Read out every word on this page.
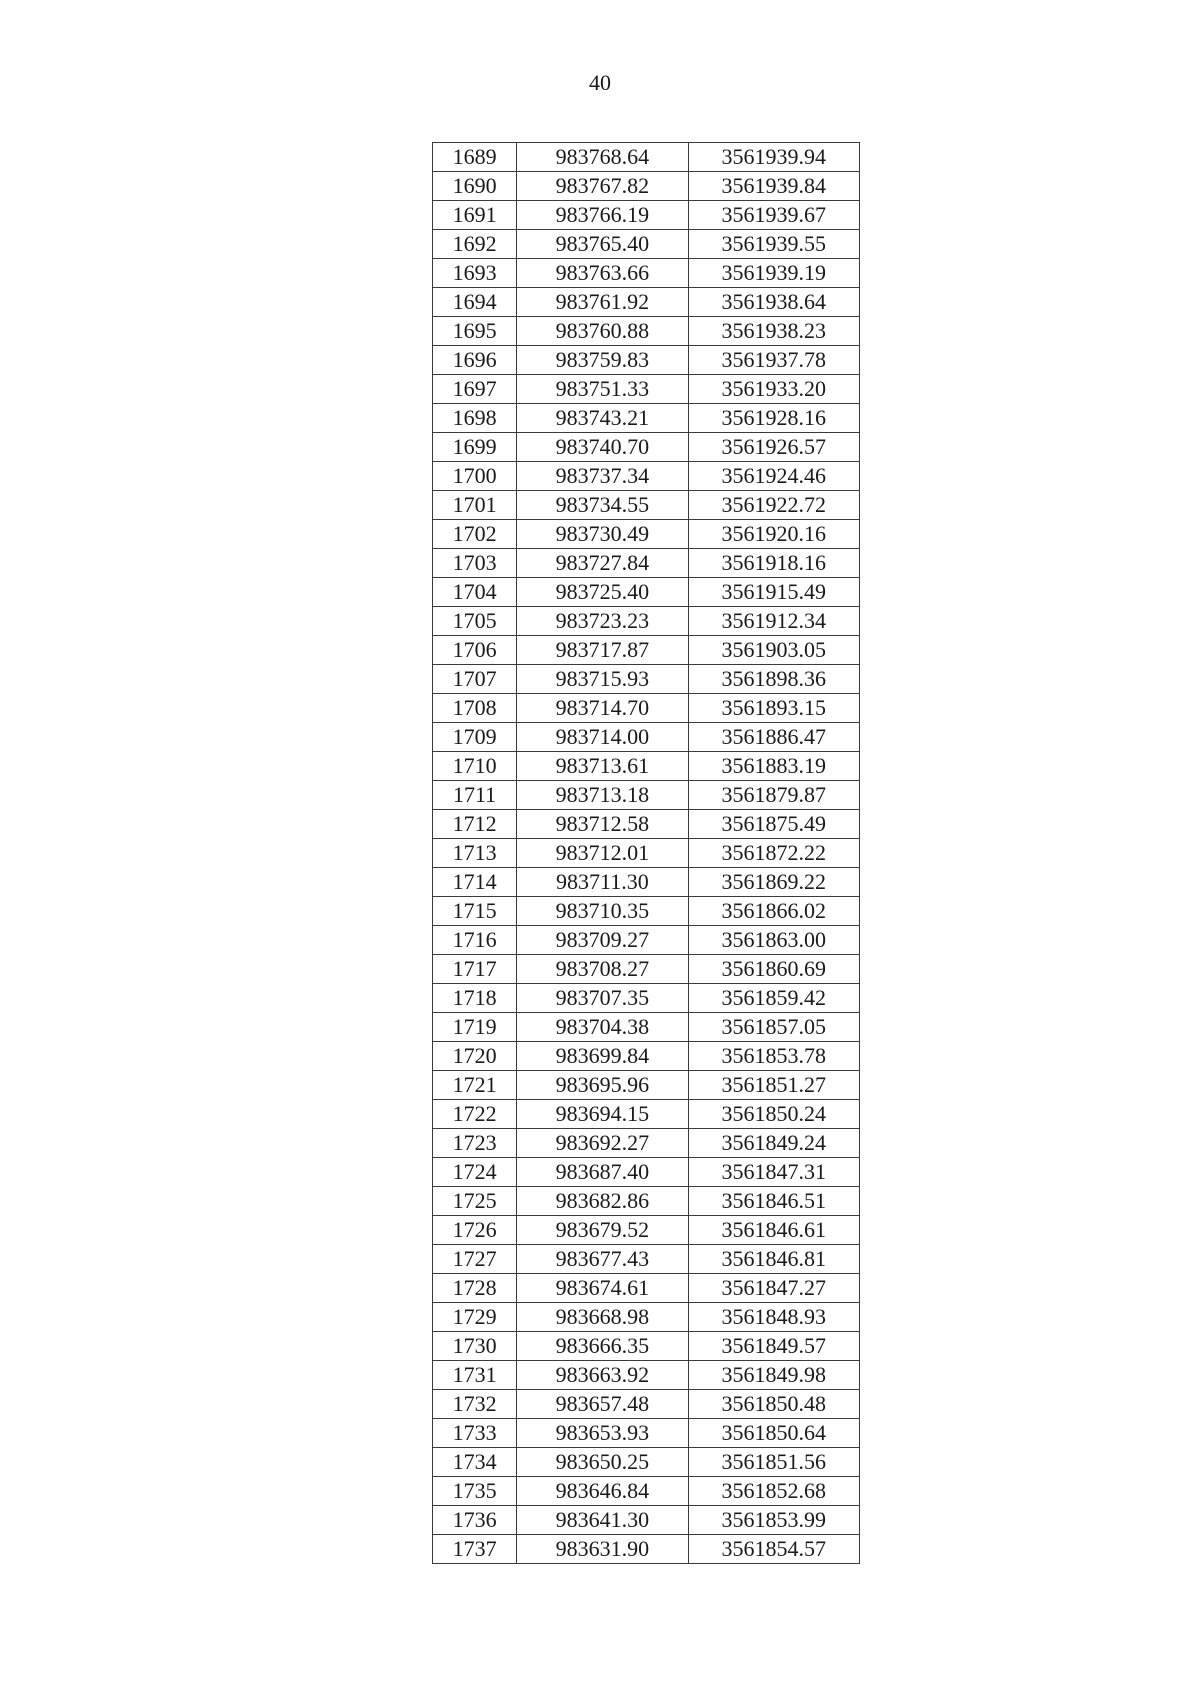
40
1689	983768.64	3561939.94
1690	983767.82	3561939.84
1691	983766.19	3561939.67
1692	983765.40	3561939.55
1693	983763.66	3561939.19
1694	983761.92	3561938.64
1695	983760.88	3561938.23
1696	983759.83	3561937.78
1697	983751.33	3561933.20
1698	983743.21	3561928.16
1699	983740.70	3561926.57
1700	983737.34	3561924.46
1701	983734.55	3561922.72
1702	983730.49	3561920.16
1703	983727.84	3561918.16
1704	983725.40	3561915.49
1705	983723.23	3561912.34
1706	983717.87	3561903.05
1707	983715.93	3561898.36
1708	983714.70	3561893.15
1709	983714.00	3561886.47
1710	983713.61	3561883.19
1711	983713.18	3561879.87
1712	983712.58	3561875.49
1713	983712.01	3561872.22
1714	983711.30	3561869.22
1715	983710.35	3561866.02
1716	983709.27	3561863.00
1717	983708.27	3561860.69
1718	983707.35	3561859.42
1719	983704.38	3561857.05
1720	983699.84	3561853.78
1721	983695.96	3561851.27
1722	983694.15	3561850.24
1723	983692.27	3561849.24
1724	983687.40	3561847.31
1725	983682.86	3561846.51
1726	983679.52	3561846.61
1727	983677.43	3561846.81
1728	983674.61	3561847.27
1729	983668.98	3561848.93
1730	983666.35	3561849.57
1731	983663.92	3561849.98
1732	983657.48	3561850.48
1733	983653.93	3561850.64
1734	983650.25	3561851.56
1735	983646.84	3561852.68
1736	983641.30	3561853.99
1737	983631.90	3561854.57
